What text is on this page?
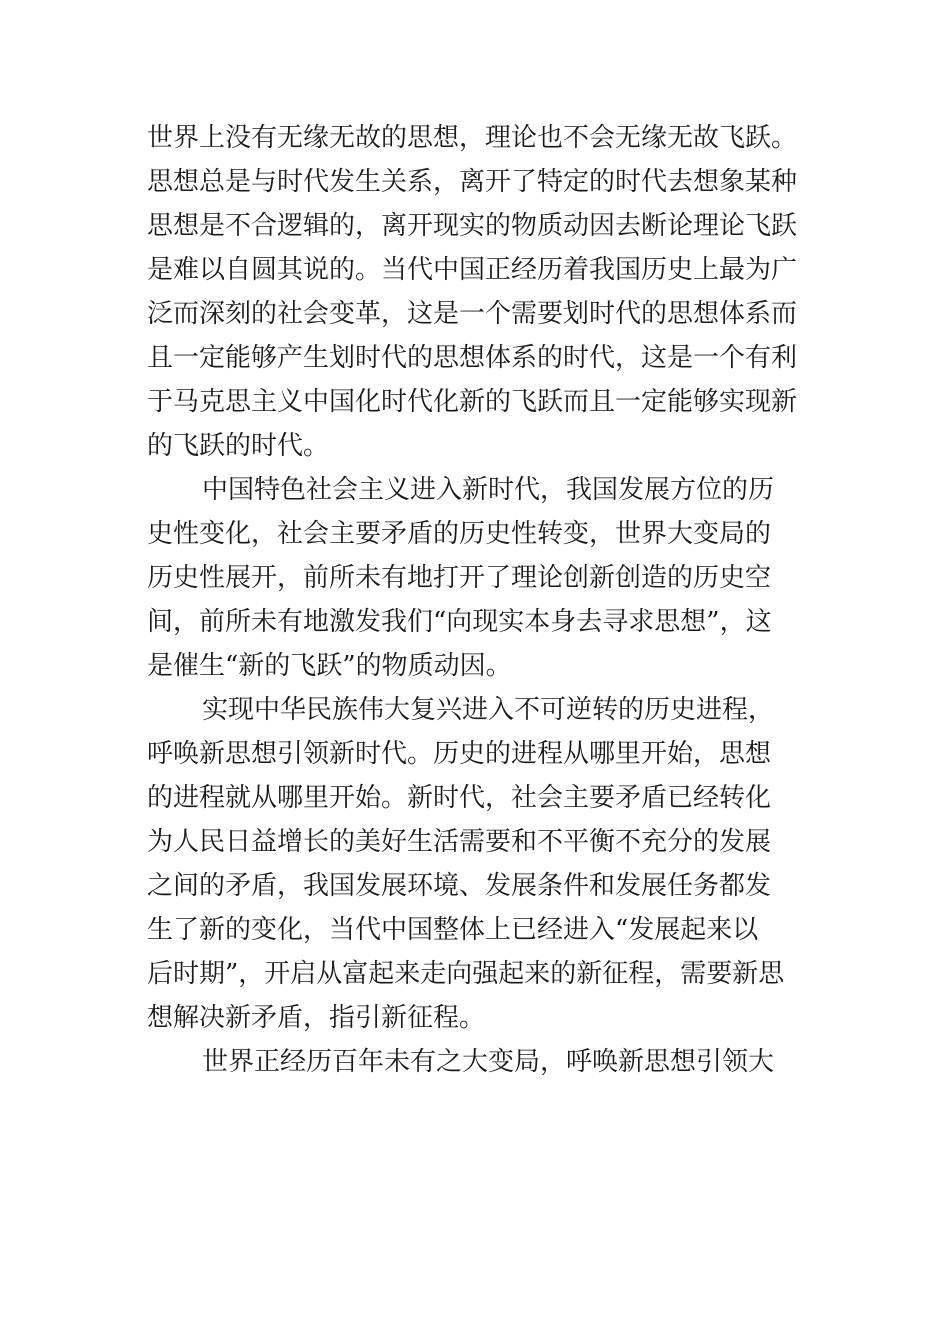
世界上没有无缘无故的思想，理论也不会无缘无故飞跃。
思想总是与时代发生关系，离开了特定的时代去想象某种
思想是不合逻辑的，离开现实的物质动因去断论理论飞跃
是难以自圆其说的。当代中国正经历着我国历史上最为广
泛而深刻的社会变革，这是一个需要划时代的思想体系而
且一定能够产生划时代的思想体系的时代，这是一个有利
于马克思主义中国化时代化新的飞跃而且一定能够实现新
的飞跃的时代。
中国特色社会主义进入新时代，我国发展方位的历
史性变化，社会主要矛盾的历史性转变，世界大变局的
历史性展开，前所未有地打开了理论创新创造的历史空
间，前所未有地激发我们“向现实本身去寻求思想”，这
是催生“新的飞跃”的物质动因。
实现中华民族伟大复兴进入不可逆转的历史进程，
呼唤新思想引领新时代。历史的进程从哪里开始，思想
的进程就从哪里开始。新时代，社会主要矛盾已经转化
为人民日益增长的美好生活需要和不平衡不充分的发展
之间的矛盾，我国发展环境、发展条件和发展任务都发
生了新的变化，当代中国整体上已经进入“发展起来以
后时期”，开启从富起来走向强起来的新征程，需要新思
想解决新矛盾，指引新征程。
世界正经历百年未有之大变局，呼唤新思想引领大
